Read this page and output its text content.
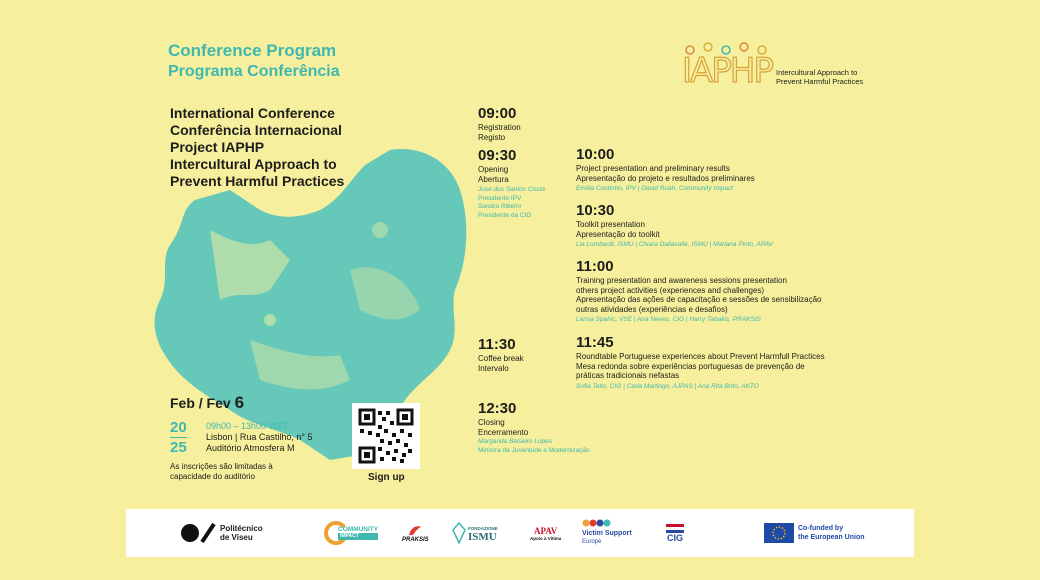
Conference Program
Programa Conferência
International Conference
Conferência Internacional
Project IAPHP
Intercultural Approach to
Prevent Harmful Practices
IAPHP Intercultural Approach to
Prevent Harmful Practices
09:00
Registration
Registo
09:30
Opening
Abertura
José dos Santos Costa
Presidente IPV
Sandra Ribeiro
Presidente da CIG
11:30
Coffee break
Intervalo
12:30
Closing
Encerramento
Margarida Balseiro Lopes
Ministra da Juventude e Modernização
10:00
Project presentation and preliminary results
Apresentação do projeto e resultados preliminares
Emília Coutinho, IPV | David Ruah, Community Impact
10:30
Toolkit presentation
Apresentação do toolkit
Lia Lombardi, ISMU | Chiara Dallavalle, ISMU | Mariana Pinto, APAV
11:00
Training presentation and awareness sessions presentation
others project activities (experiences and challenges)
Apresentação das ações de capacitação e sessões de sensibilização
outras atividades (experiências e desafios)
Larisa Spahic, VSE | Ana Neves, CIG | Harry Tabakis, PRAKSIS
11:45
Roundtable Portuguese experiences about Prevent Harmfull Practices
Mesa redonda sobre experiências portuguesas de prevenção de
práticas tradicionais nefastas
Sofia Tello, CIG | Carla Martingo, AJPAS | Ana Rita Brito, AKTO
Feb / Fev 6
20
25
09h00 – 13h00 WET
Lisbon | Rua Castilho, n° 5
Auditório Atmosfera M
As inscrições são limitadas à
capacidade do auditório	Sign up
Politécnico
de Viseu
COMMUNITY
IMPACT
PRAKSIS
FONDAZIONE
ISMU
APAV
Apoio à Vítima
Victim Support
Europe	CIG
Co-funded by
the European Union
